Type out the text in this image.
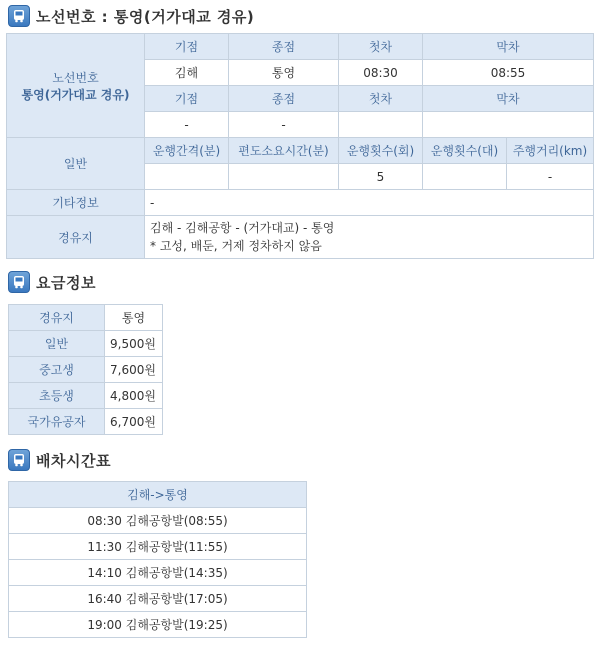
노선번호 : 통영(거가대교 경유)
노선번호
통영(거가대교 경유)	기점	종점	첫차	막차	
	김해	통영	08:30	08:55	
	기점	종점	첫차	막차	
	-	-			
일반	운행간격(분)	편도소요시간(분)	운행횟수(회)	운행횟수(대)	주행거리(km)
			5		-
기타정보	-				
경유지	김해 - 김해공항 - (거가대교) - 통영
* 고성, 배둔, 거제 정차하지 않음				
요금정보
경유지	통영
일반	9,500원
중고생	7,600원
초등생	4,800원
국가유공자	6,700원
배차시간표
김해->통영
08:30 김해공항발(08:55)
11:30 김해공항발(11:55)
14:10 김해공항발(14:35)
16:40 김해공항발(17:05)
19:00 김해공항발(19:25)
